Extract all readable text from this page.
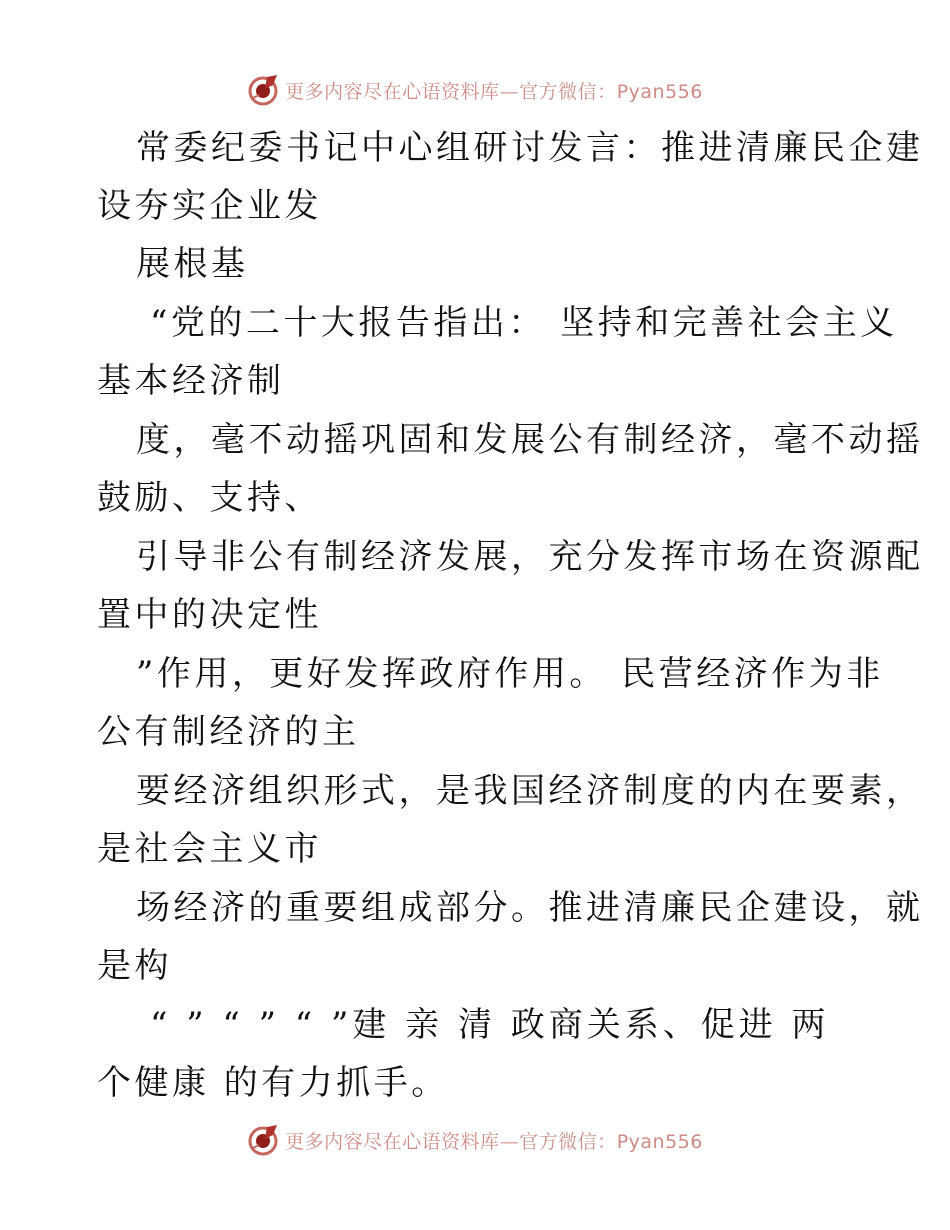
更多内容尽在心语资料库—官方微信：Pyan556
常委纪委书记中心组研讨发言：推进清廉民企建
设夯实企业发
展根基
“党的二十大报告指出： 坚持和完善社会主义
基本经济制
度，毫不动摇巩固和发展公有制经济，毫不动摇
鼓励、支持、
引导非公有制经济发展，充分发挥市场在资源配
置中的决定性
”作用，更好发挥政府作用。 民营经济作为非
公有制经济的主
要经济组织形式，是我国经济制度的内在要素，
是社会主义市
场经济的重要组成部分。推进清廉民企建设，就
是构
“ ” “ ” “ ”建 亲 清 政商关系、促进 两
个健康 的有力抓手。
更多内容尽在心语资料库—官方微信：Pyan556
